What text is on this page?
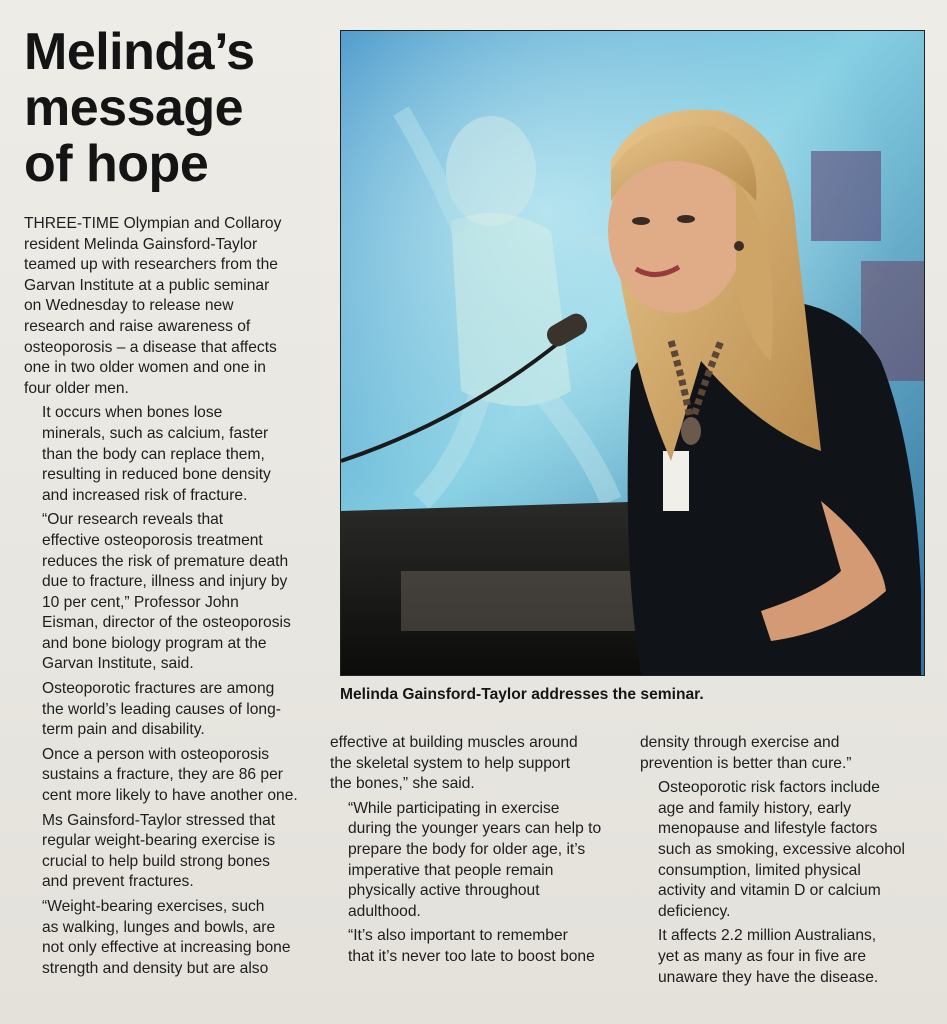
Melinda’s
message
of hope

THREE-TIME Olympian and Collaroy
resident Melinda Gainsford-Taylor
teamed up with researchers from the
Garvan Institute at a public seminar
on Wednesday to release new
research and raise awareness of
osteoporosis – a disease that affects
one in two older women and one in
four older men.

It occurs when bones lose
minerals, such as calcium, faster
than the body can replace them,
resulting in reduced bone density
and increased risk of fracture.

“Our research reveals that
effective osteoporosis treatment
reduces the risk of premature death
due to fracture, illness and injury by
10 per cent,” Professor John
Eisman, director of the osteoporosis
and bone biology program at the
Garvan Institute, said.

Osteoporotic fractures are among
the world’s leading causes of long-
term pain and disability.

Once a person with osteoporosis
sustains a fracture, they are 86 per
cent more likely to have another one.

Ms Gainsford-Taylor stressed that
regular weight-bearing exercise is
crucial to help build strong bones
and prevent fractures.

“Weight-bearing exercises, such
as walking, lunges and bowls, are
not only effective at increasing bone
strength and density but are also

Melinda Gainsford-Taylor addresses the seminar.

effective at building muscles around
the skeletal system to help support
the bones,” she said.

“While participating in exercise
during the younger years can help to
prepare the body for older age, it’s
imperative that people remain
physically active throughout
adulthood.

“It’s also important to remember
that it’s never too late to boost bone

density through exercise and
prevention is better than cure.”

Osteoporotic risk factors include
age and family history, early
menopause and lifestyle factors
such as smoking, excessive alcohol
consumption, limited physical
activity and vitamin D or calcium
deficiency.

It affects 2.2 million Australians,
yet as many as four in five are
unaware they have the disease.
